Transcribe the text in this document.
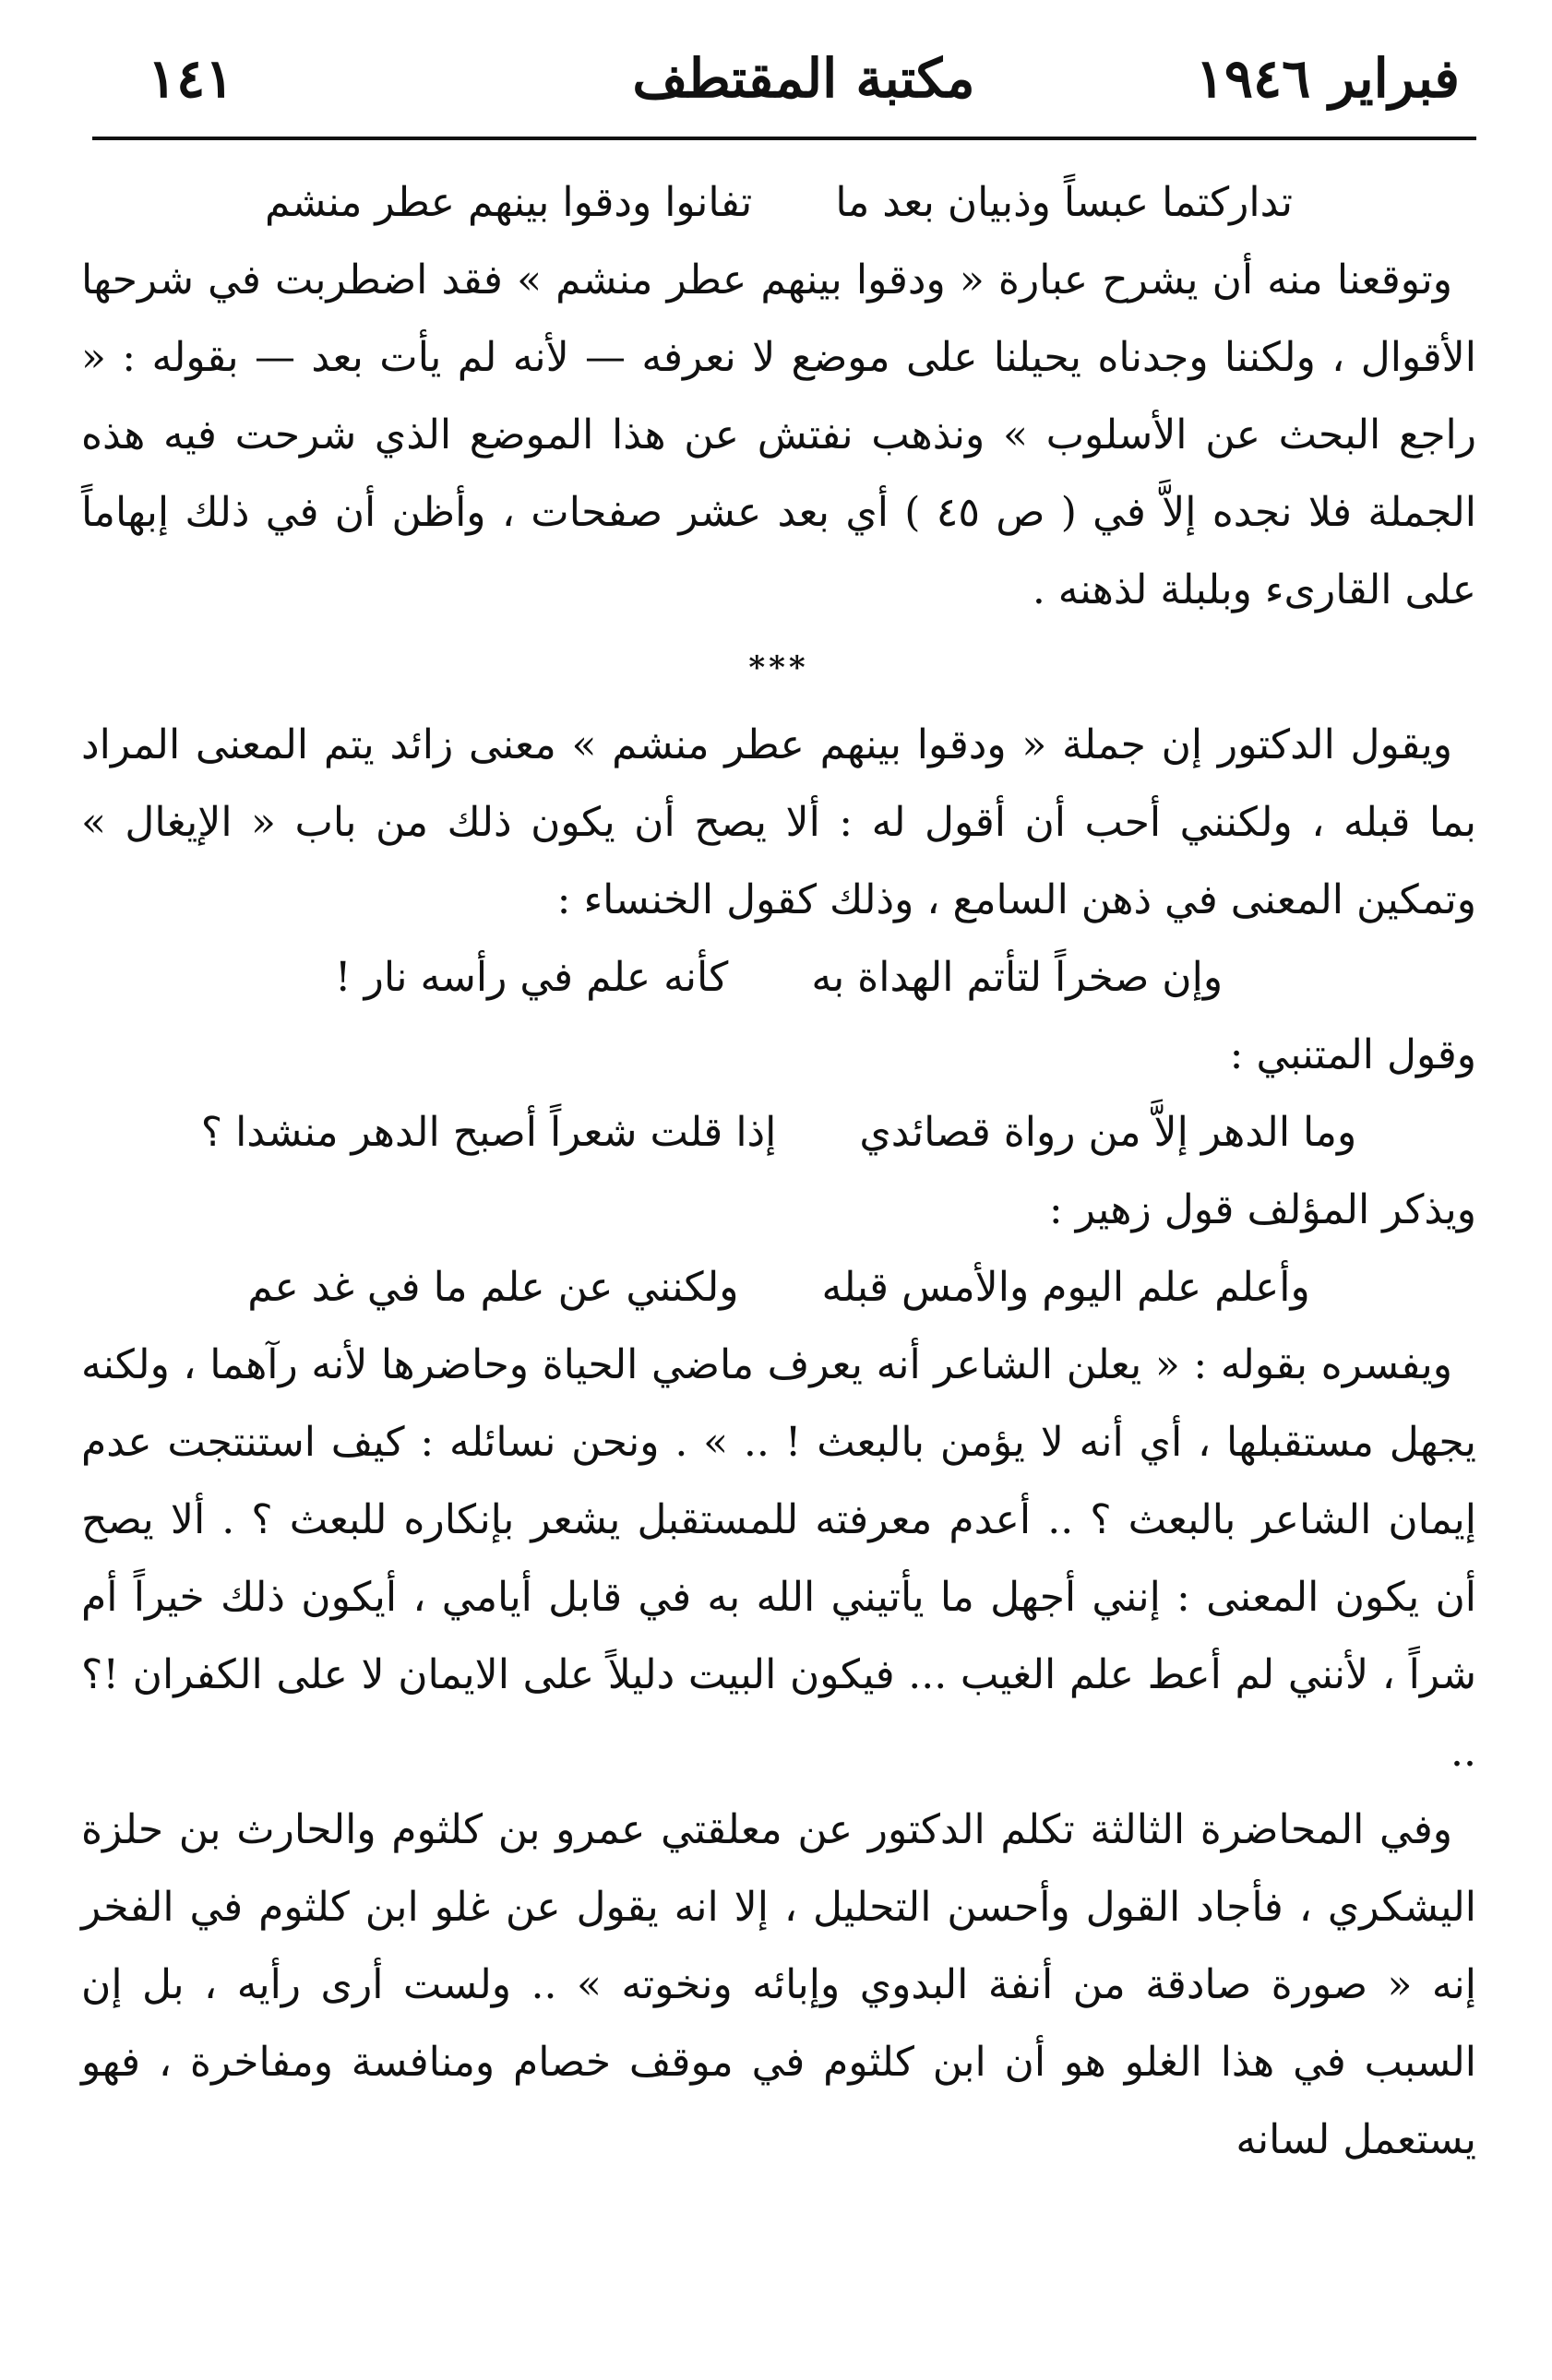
١٤١	مكتبة المقتطف	فبراير ١٩٤٦
تداركتما عبساً وذبيان بعد ما
تفانوا ودقوا بينهم عطر منشم

وتوقعنا منه أن يشرح عبارة « ودقوا بينهم عطر منشم » فقد اضطربت في شرحها الأقوال ، ولكننا وجدناه يحيلنا على موضع لا نعرفه — لأنه لم يأت بعد — بقوله : « راجع البحث عن الأسلوب » ونذهب نفتش عن هذا الموضع الذي شرحت فيه هذه الجملة فلا نجده إلاَّ في ( ص ٤٥ ) أي بعد عشر صفحات ، وأظن أن في ذلك إبهاماً على القارىء وبلبلة لذهنه .

***

ويقول الدكتور إن جملة « ودقوا بينهم عطر منشم » معنى زائد يتم المعنى المراد بما قبله ، ولكنني أحب أن أقول له : ألا يصح أن يكون ذلك من باب « الإيغال » وتمكين المعنى في ذهن السامع ، وذلك كقول الخنساء :

وإن صخراً لتأتم الهداة به
كأنه علم في رأسه نار !

وقول المتنبي :

وما الدهر إلاَّ من رواة قصائدي
إذا قلت شعراً أصبح الدهر منشدا ؟

ويذكر المؤلف قول زهير :

وأعلم علم اليوم والأمس قبله
ولكنني عن علم ما في غد عم

ويفسره بقوله : « يعلن الشاعر أنه يعرف ماضي الحياة وحاضرها لأنه رآهما ، ولكنه يجهل مستقبلها ، أي أنه لا يؤمن بالبعث ! .. » . ونحن نسائله : كيف استنتجت عدم إيمان الشاعر بالبعث ؟ .. أعدم معرفته للمستقبل يشعر بإنكاره للبعث ؟ . ألا يصح أن يكون المعنى : إنني أجهل ما يأتيني الله به في قابل أيامي ، أيكون ذلك خيراً أم شراً ، لأنني لم أعط علم الغيب ... فيكون البيت دليلاً على الايمان لا على الكفران !؟ ..

وفي المحاضرة الثالثة تكلم الدكتور عن معلقتي عمرو بن كلثوم والحارث بن حلزة اليشكري ، فأجاد القول وأحسن التحليل ، إلا انه يقول عن غلو ابن كلثوم في الفخر إنه « صورة صادقة من أنفة البدوي وإبائه ونخوته » .. ولست أرى رأيه ، بل إن السبب في هذا الغلو هو أن ابن كلثوم في موقف خصام ومنافسة ومفاخرة ، فهو يستعمل لسانه
